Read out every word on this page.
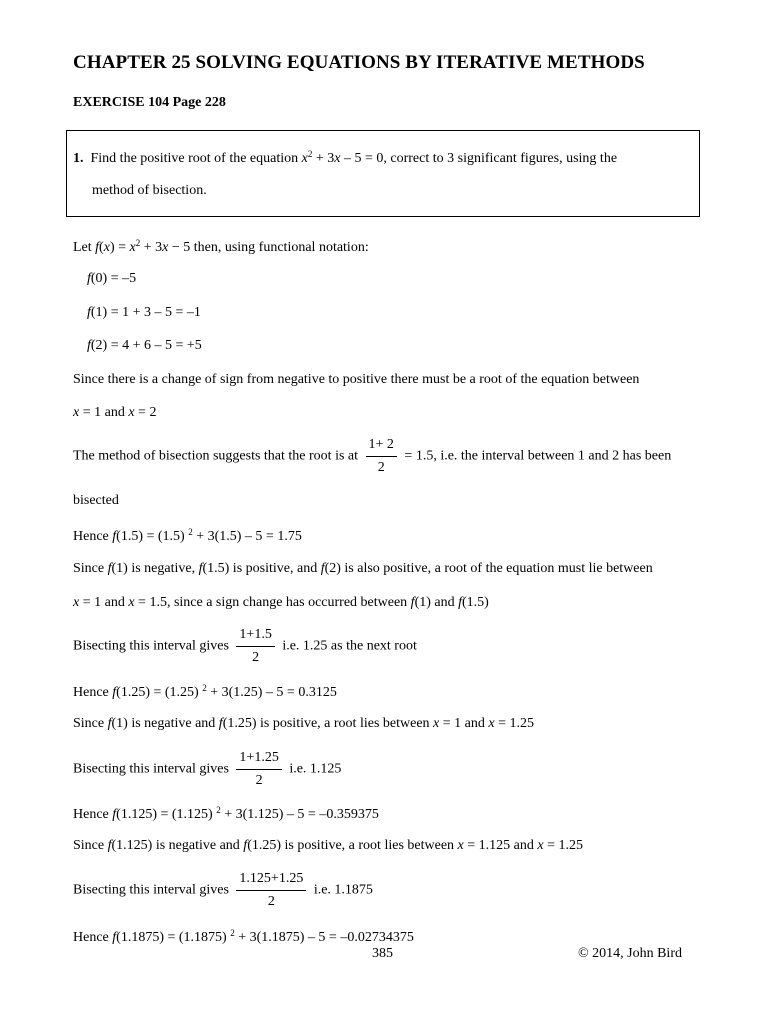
CHAPTER 25 SOLVING EQUATIONS BY ITERATIVE METHODS
EXERCISE 104 Page 228
1. Find the positive root of the equation $x^2 + 3x - 5 = 0$, correct to 3 significant figures, using the
method of bisection.
Let $f(x) = x^2 + 3x - 5$ then, using functional notation:
f(0) = –5
f(1) = 1 + 3 – 5 = –1
f(2) = 4 + 6 – 5 = +5
Since there is a change of sign from negative to positive there must be a root of the equation between
x = 1 and x = 2
The method of bisection suggests that the root is at $\frac{1+ 2}{2} = 1.5$, i.e. the interval between 1 and 2 has been
bisected
Hence f(1.5) = (1.5) $^2$ + 3(1.5) – 5 = 1.75
Since f(1) is negative, f(1.5) is positive, and f(2) is also positive, a root of the equation must lie between
x = 1 and x = 1.5, since a sign change has occurred between f(1) and f(1.5)
Bisecting this interval gives $\frac{1+1.5}{2} i.e$. 1.25 as the next root
Hence f(1.25) = (1.25) $^2$ + 3(1.25) – 5 = 0.3125
Since f(1) is negative and f(1.25) is positive, a root lies between x = 1 and x = 1.25
Bisecting this interval gives $\frac{1+1.25}{2} i.e$. 1.125
Hence f(1.125) = (1.125) $^2$ + 3(1.125) – 5 = –0.359375
Since f(1.125) is negative and f(1.25) is positive, a root lies between x = 1.125 and x = 1.25
Bisecting this interval gives $\frac{1.125+1.25}{2} i.e$. 1.1875
Hence f(1.1875) = (1.1875) $^2$ + 3(1.1875) – 5 = –0.02734375
385	© 2014, John Bird
